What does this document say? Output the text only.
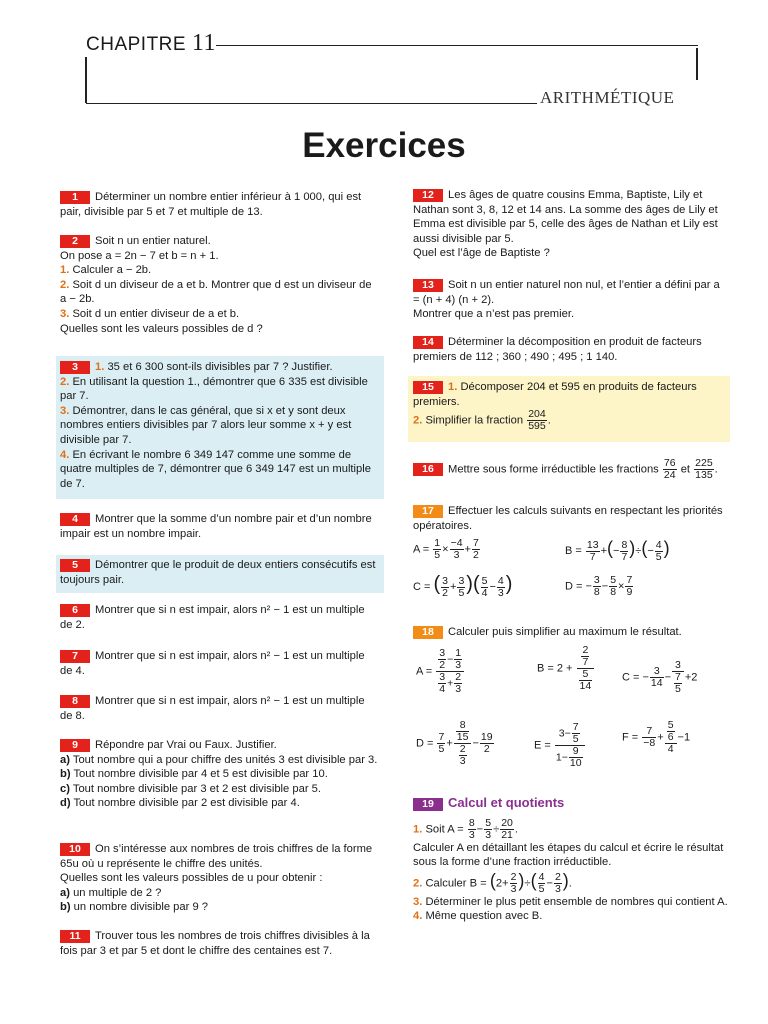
CHAPITRE 11
ARITHMÉTIQUE
Exercices

1 Déterminer un nombre entier inférieur à 1 000, qui est pair, divisible par 5 et 7 et multiple de 13.

2 Soit n un entier naturel.

On pose a = 2n − 7 et b = n + 1.

1. Calculer a − 2b.

2. Soit d un diviseur de a et b. Montrer que d est un diviseur de a − 2b.

3. Soit d un entier diviseur de a et b.

Quelles sont les valeurs possibles de d ?

3 1. 35 et 6 300 sont-ils divisibles par 7 ? Justifier.

2. En utilisant la question 1., démontrer que 6 335 est divisible par 7.

3. Démontrer, dans le cas général, que si x et y sont deux nombres entiers divisibles par 7 alors leur somme x + y est divisible par 7.

4. En écrivant le nombre 6 349 147 comme une somme de quatre multiples de 7, démontrer que 6 349 147 est un multiple de 7.

4 Montrer que la somme d’un nombre pair et d’un nombre impair est un nombre impair.

5 Démontrer que le produit de deux entiers consécutifs est toujours pair.

6 Montrer que si n est impair, alors n² − 1 est un multiple de 2.

7 Montrer que si n est impair, alors n² − 1 est un multiple de 4.

8 Montrer que si n est impair, alors n² − 1 est un multiple de 8.

9 Répondre par Vrai ou Faux. Justifier.

a) Tout nombre qui a pour chiffre des unités 3 est divisible par 3.

b) Tout nombre divisible par 4 et 5 est divisible par 10.

c) Tout nombre divisible par 3 et 2 est divisible par 5.

d) Tout nombre divisible par 2 est divisible par 4.

10 On s’intéresse aux nombres de trois chiffres de la forme 65u où u représente le chiffre des unités.

Quelles sont les valeurs possibles de u pour obtenir :

a) un multiple de 2 ?

b) un nombre divisible par 9 ?

11 Trouver tous les nombres de trois chiffres divisibles à la fois par 3 et par 5 et dont le chiffre des centaines est 7.

12 Les âges de quatre cousins Emma, Baptiste, Lily et Nathan sont 3, 8, 12 et 14 ans. La somme des âges de Lily et Emma est divisible par 5, celle des âges de Nathan et Lily est aussi divisible par 5.

Quel est l’âge de Baptiste ?

13 Soit n un entier naturel non nul, et l’entier a défini par a = (n + 4) (n + 2).

Montrer que a n’est pas premier.

14 Déterminer la décomposition en produit de facteurs premiers de 112 ; 360 ; 490 ; 495 ; 1 140.

15 1. Décomposer 204 et 595 en produits de facteurs premiers.

2. Simplifier la fraction $\frac{204}{595}$ .

16 Mettre sous forme irréductible les fractions $\frac{76}{24}$ et $\frac{225}{135}$ .

17 Effectuer les calculs suivants en respectant les priorités opératoires.

$A = \frac{1}{5} \times \frac{-4}{3} + \frac{7}{2}$	$B = \frac{13}{7}$ +(− $\frac{8}{7}$ )÷(− $\frac{4}{5}$ )
C = ( $\frac{3}{2} + \frac{3}{5}$ )( $\frac{5}{4} - \frac{4}{3}$ )	D = − $\frac{3}{8} - \frac{5}{8} \times \frac{7}{9}$

18 Calculer puis simplifier au maximum le résultat.

$A = \frac{\frac{3}{2} - \frac{1}{3}}{\frac{3}{4} + \frac{2}{3}}$	$B = 2 + \frac{\frac{2}{7}}{\frac{5}{14}}$	C = − $\frac{3}{14} - \frac{3}{\frac{7}{5}} +2$
$D = \frac{7}{5} + \frac{\frac{8}{15}}{\frac{2}{3}} - \frac{19}{2}$	$E = \frac{3- \frac{7}{5}}{1- \frac{9}{10}}$	$F = \frac{7}{-8} + \frac{\frac{5}{6}}{4} -1$

19 Calcul et quotients

1. Soit $A = \frac{8}{3} - \frac{5}{3} \div \frac{20}{21}$ .

Calculer A en détaillant les étapes du calcul et écrire le résultat sous la forme d’une fraction irréductible.

2. Calculer $B = (2+ \frac{2}{3}$ )÷( $\frac{4}{5} - \frac{2}{3}$ ).

3. Déterminer le plus petit ensemble de nombres qui contient A.

4. Même question avec B.
